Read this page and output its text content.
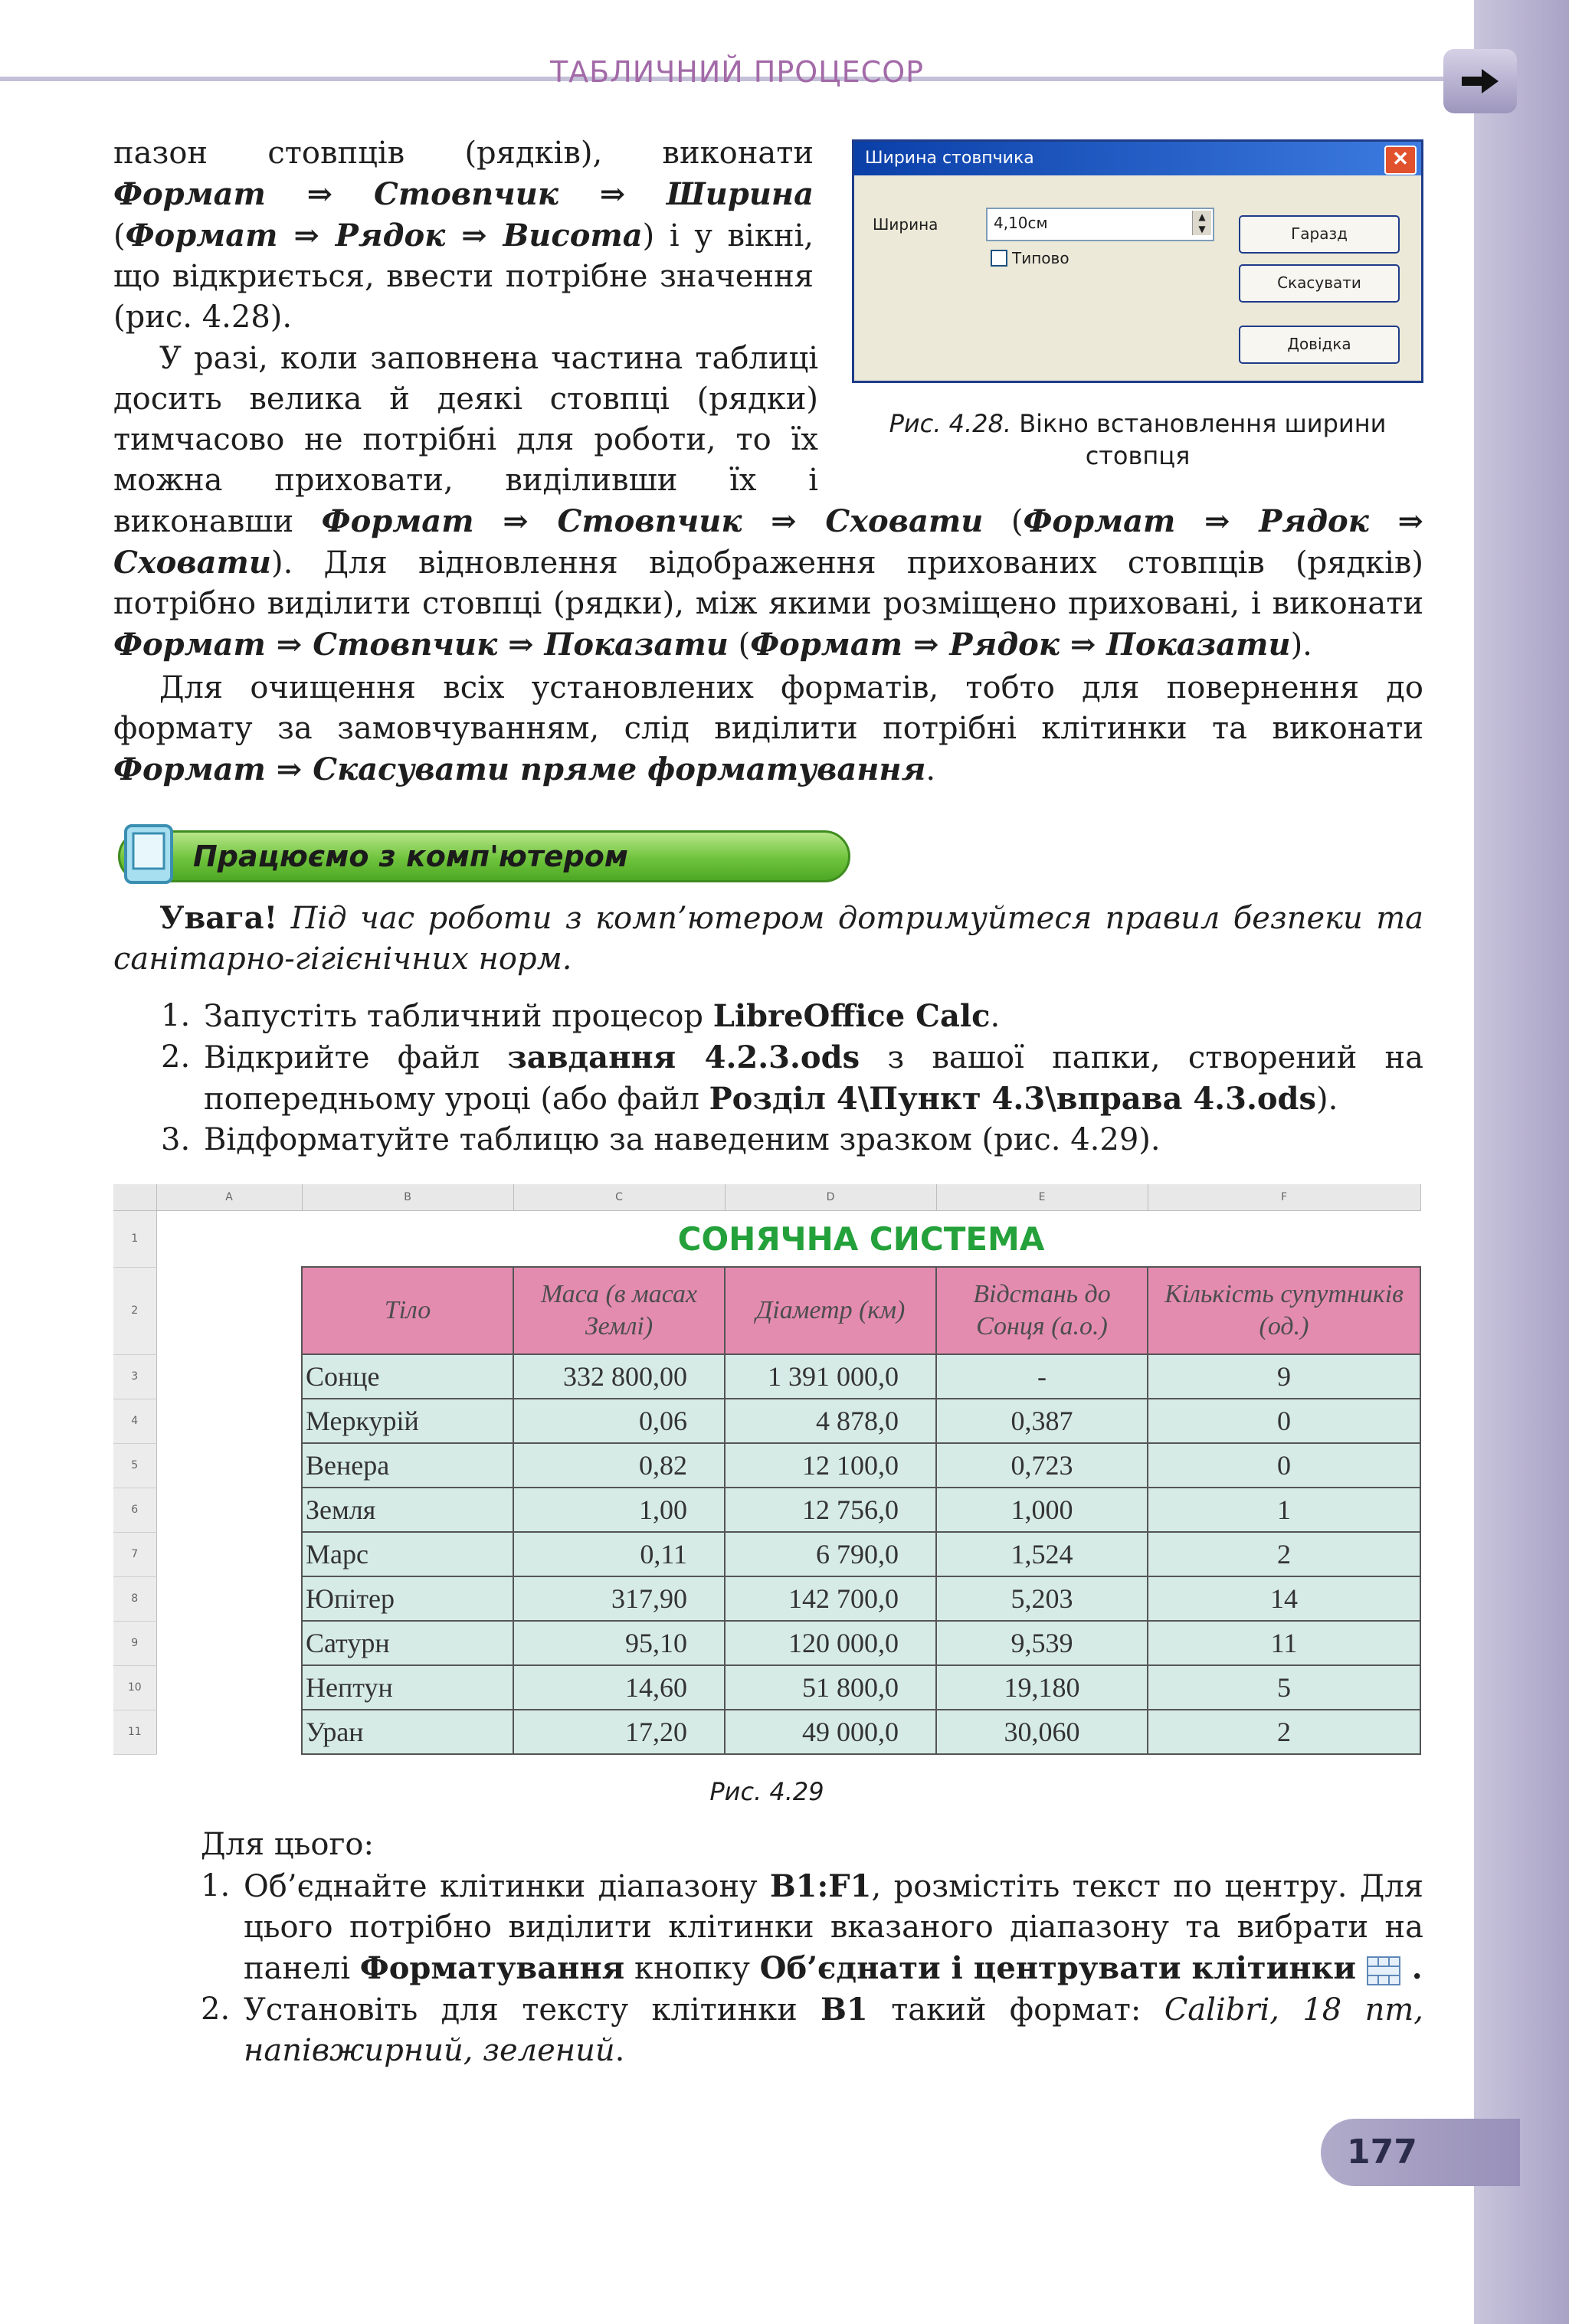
ТАБЛИЧНИЙ ПРОЦЕСОР
пазон стовпців (рядків), виконати Формат ⇒ Стовпчик ⇒ Ширина (Формат ⇒ Рядок ⇒ Висота) і у вікні, що відкриється, ввести потрібне значення (рис. 4.28).
У разі, коли заповнена частина таблиці досить велика й деякі стовпці (рядки) тимчасово не потрібні для роботи, то їх можна приховати, виділивши їх і виконавши Формат ⇒ Стовпчик ⇒ Сховати (Формат ⇒ Рядок ⇒ Сховати). Для відновлення відображення прихованих стовпців (рядків) потрібно виділити стовпці (рядки), між якими розміщено приховані, і виконати Формат ⇒ Стовпчик ⇒ Показати (Формат ⇒ Рядок ⇒ Показати).
Для очищення всіх установлених форматів, тобто для повернення до формату за замовчуванням, слід виділити потрібні клітинки та виконати Формат ⇒ Скасувати пряме форматування.
Ширина стовпчика	✕
Ширина	4,10см	▲
▼
Типово
Гаразд
Скасувати
Довідка
Рис. 4.28. Вікно встановлення ширини стовпця
Працюємо з комп'ютером
Увага! Під час роботи з комп’ютером дотримуйтеся правил безпеки та санітарно-гігієнічних норм.
1. Запустіть табличний процесор LibreOffice Calc.
2. Відкрийте файл завдання 4.2.3.ods з вашої папки, створений на попередньому уроці (або файл Розділ 4\Пункт 4.3\вправа 4.3.ods).
3. Відформатуйте таблицю за наведеним зразком (рис. 4.29).
	A	B	C	D	E	F
1		СОНЯЧНА СИСТЕМА				
2		Тіло	Маса (в масах Землі)	Діаметр (км)	Відстань до Сонця (а.о.)	Кількість супутників (од.)
3		Сонце	332 800,00	1 391 000,0	-	9
4		Меркурій	0,06	4 878,0	0,387	0
5		Венера	0,82	12 100,0	0,723	0
6		Земля	1,00	12 756,0	1,000	1
7		Марс	0,11	6 790,0	1,524	2
8		Юпітер	317,90	142 700,0	5,203	14
9		Сатурн	95,10	120 000,0	9,539	11
10		Нептун	14,60	51 800,0	19,180	5
11		Уран	17,20	49 000,0	30,060	2
Рис. 4.29
Для цього:
1. Об’єднайте клітинки діапазону B1:F1, розмістіть текст по центру. Для цього потрібно виділити клітинки вказаного діапазону та вибрати на панелі Форматування кнопку Об’єднати і центрувати клітинки  .
2. Установіть для тексту клітинки B1 такий формат: Calibri, 18 пт, напівжирний, зелений.
177
